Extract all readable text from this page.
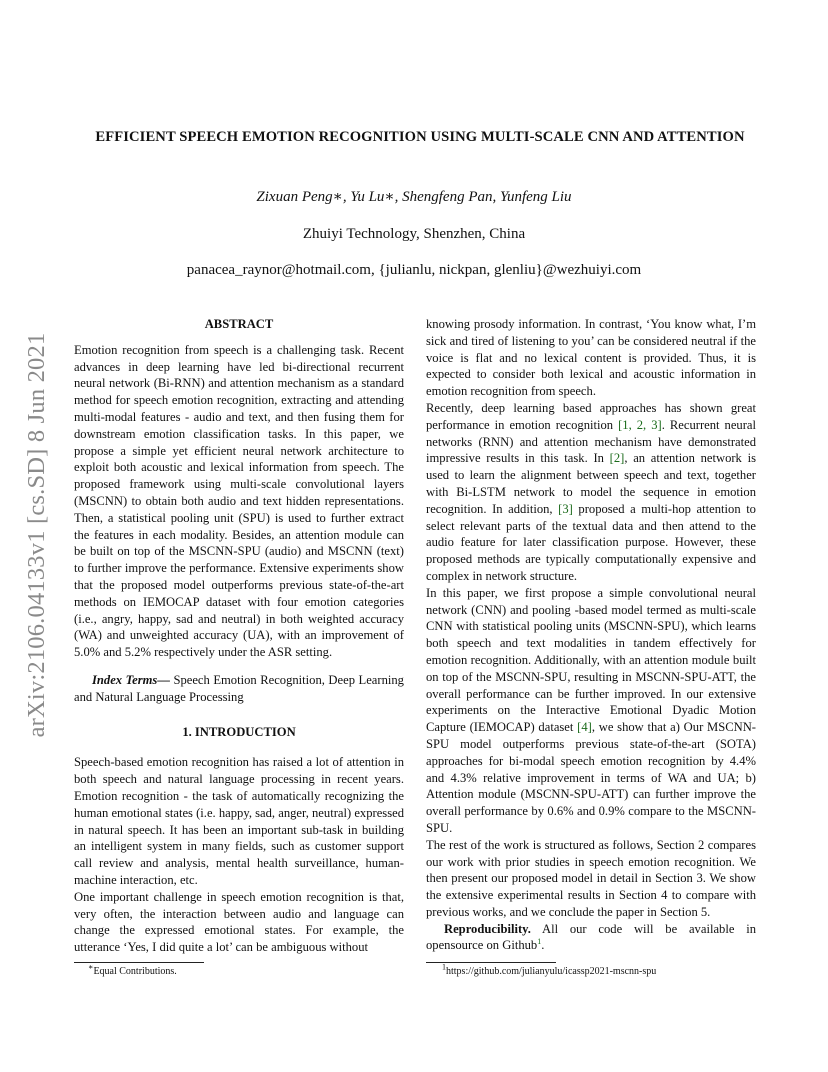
arXiv:2106.04133v1 [cs.SD] 8 Jun 2021
EFFICIENT SPEECH EMOTION RECOGNITION USING MULTI-SCALE CNN AND ATTENTION
Zixuan Peng∗, Yu Lu∗, Shengfeng Pan, Yunfeng Liu
Zhuiyi Technology, Shenzhen, China
panacea_raynor@hotmail.com, {julianlu, nickpan, glenliu}@wezhuiyi.com

ABSTRACT

Emotion recognition from speech is a challenging task. Recent advances in deep learning have led bi-directional recurrent neural network (Bi-RNN) and attention mechanism as a standard method for speech emotion recognition, extracting and attending multi-modal features - audio and text, and then fusing them for downstream emotion classification tasks. In this paper, we propose a simple yet efficient neural network architecture to exploit both acoustic and lexical information from speech. The proposed framework using multi-scale convolutional layers (MSCNN) to obtain both audio and text hidden representations. Then, a statistical pooling unit (SPU) is used to further extract the features in each modality. Besides, an attention module can be built on top of the MSCNN-SPU (audio) and MSCNN (text) to further improve the performance. Extensive experiments show that the proposed model outperforms previous state-of-the-art methods on IEMOCAP dataset with four emotion categories (i.e., angry, happy, sad and neutral) in both weighted accuracy (WA) and unweighted accuracy (UA), with an improvement of 5.0% and 5.2% respectively under the ASR setting.

Index Terms— Speech Emotion Recognition, Deep Learning and Natural Language Processing

1. INTRODUCTION

Speech-based emotion recognition has raised a lot of attention in both speech and natural language processing in recent years. Emotion recognition - the task of automatically recognizing the human emotional states (i.e. happy, sad, anger, neutral) expressed in natural speech. It has been an important sub-task in building an intelligent system in many fields, such as customer support call review and analysis, mental health surveillance, human-machine interaction, etc.

One important challenge in speech emotion recognition is that, very often, the interaction between audio and language can change the expressed emotional states. For example, the utterance ‘Yes, I did quite a lot’ can be ambiguous without

knowing prosody information. In contrast, ‘You know what, I’m sick and tired of listening to you’ can be considered neutral if the voice is flat and no lexical content is provided. Thus, it is expected to consider both lexical and acoustic information in emotion recognition from speech.

Recently, deep learning based approaches has shown great performance in emotion recognition [1, 2, 3]. Recurrent neural networks (RNN) and attention mechanism have demonstrated impressive results in this task. In [2], an attention network is used to learn the alignment between speech and text, together with Bi-LSTM network to model the sequence in emotion recognition. In addition, [3] proposed a multi-hop attention to select relevant parts of the textual data and then attend to the audio feature for later classification purpose. However, these proposed methods are typically computationally expensive and complex in network structure.

In this paper, we first propose a simple convolutional neural network (CNN) and pooling -based model termed as multi-scale CNN with statistical pooling units (MSCNN-SPU), which learns both speech and text modalities in tandem effectively for emotion recognition. Additionally, with an attention module built on top of the MSCNN-SPU, resulting in MSCNN-SPU-ATT, the overall performance can be further improved. In our extensive experiments on the Interactive Emotional Dyadic Motion Capture (IEMOCAP) dataset [4], we show that a) Our MSCNN-SPU model outperforms previous state-of-the-art (SOTA) approaches for bi-modal speech emotion recognition by 4.4% and 4.3% relative improvement in terms of WA and UA; b) Attention module (MSCNN-SPU-ATT) can further improve the overall performance by 0.6% and 0.9% compare to the MSCNN-SPU.

The rest of the work is structured as follows, Section 2 compares our work with prior studies in speech emotion recognition. We then present our proposed model in detail in Section 3. We show the extensive experimental results in Section 4 to compare with previous works, and we conclude the paper in Section 5.

Reproducibility. All our code will be available in opensource on Github$^1$.

∗Equal Contributions.	$^1$https://github.com/julianyulu/icassp2021-mscnn-spu
